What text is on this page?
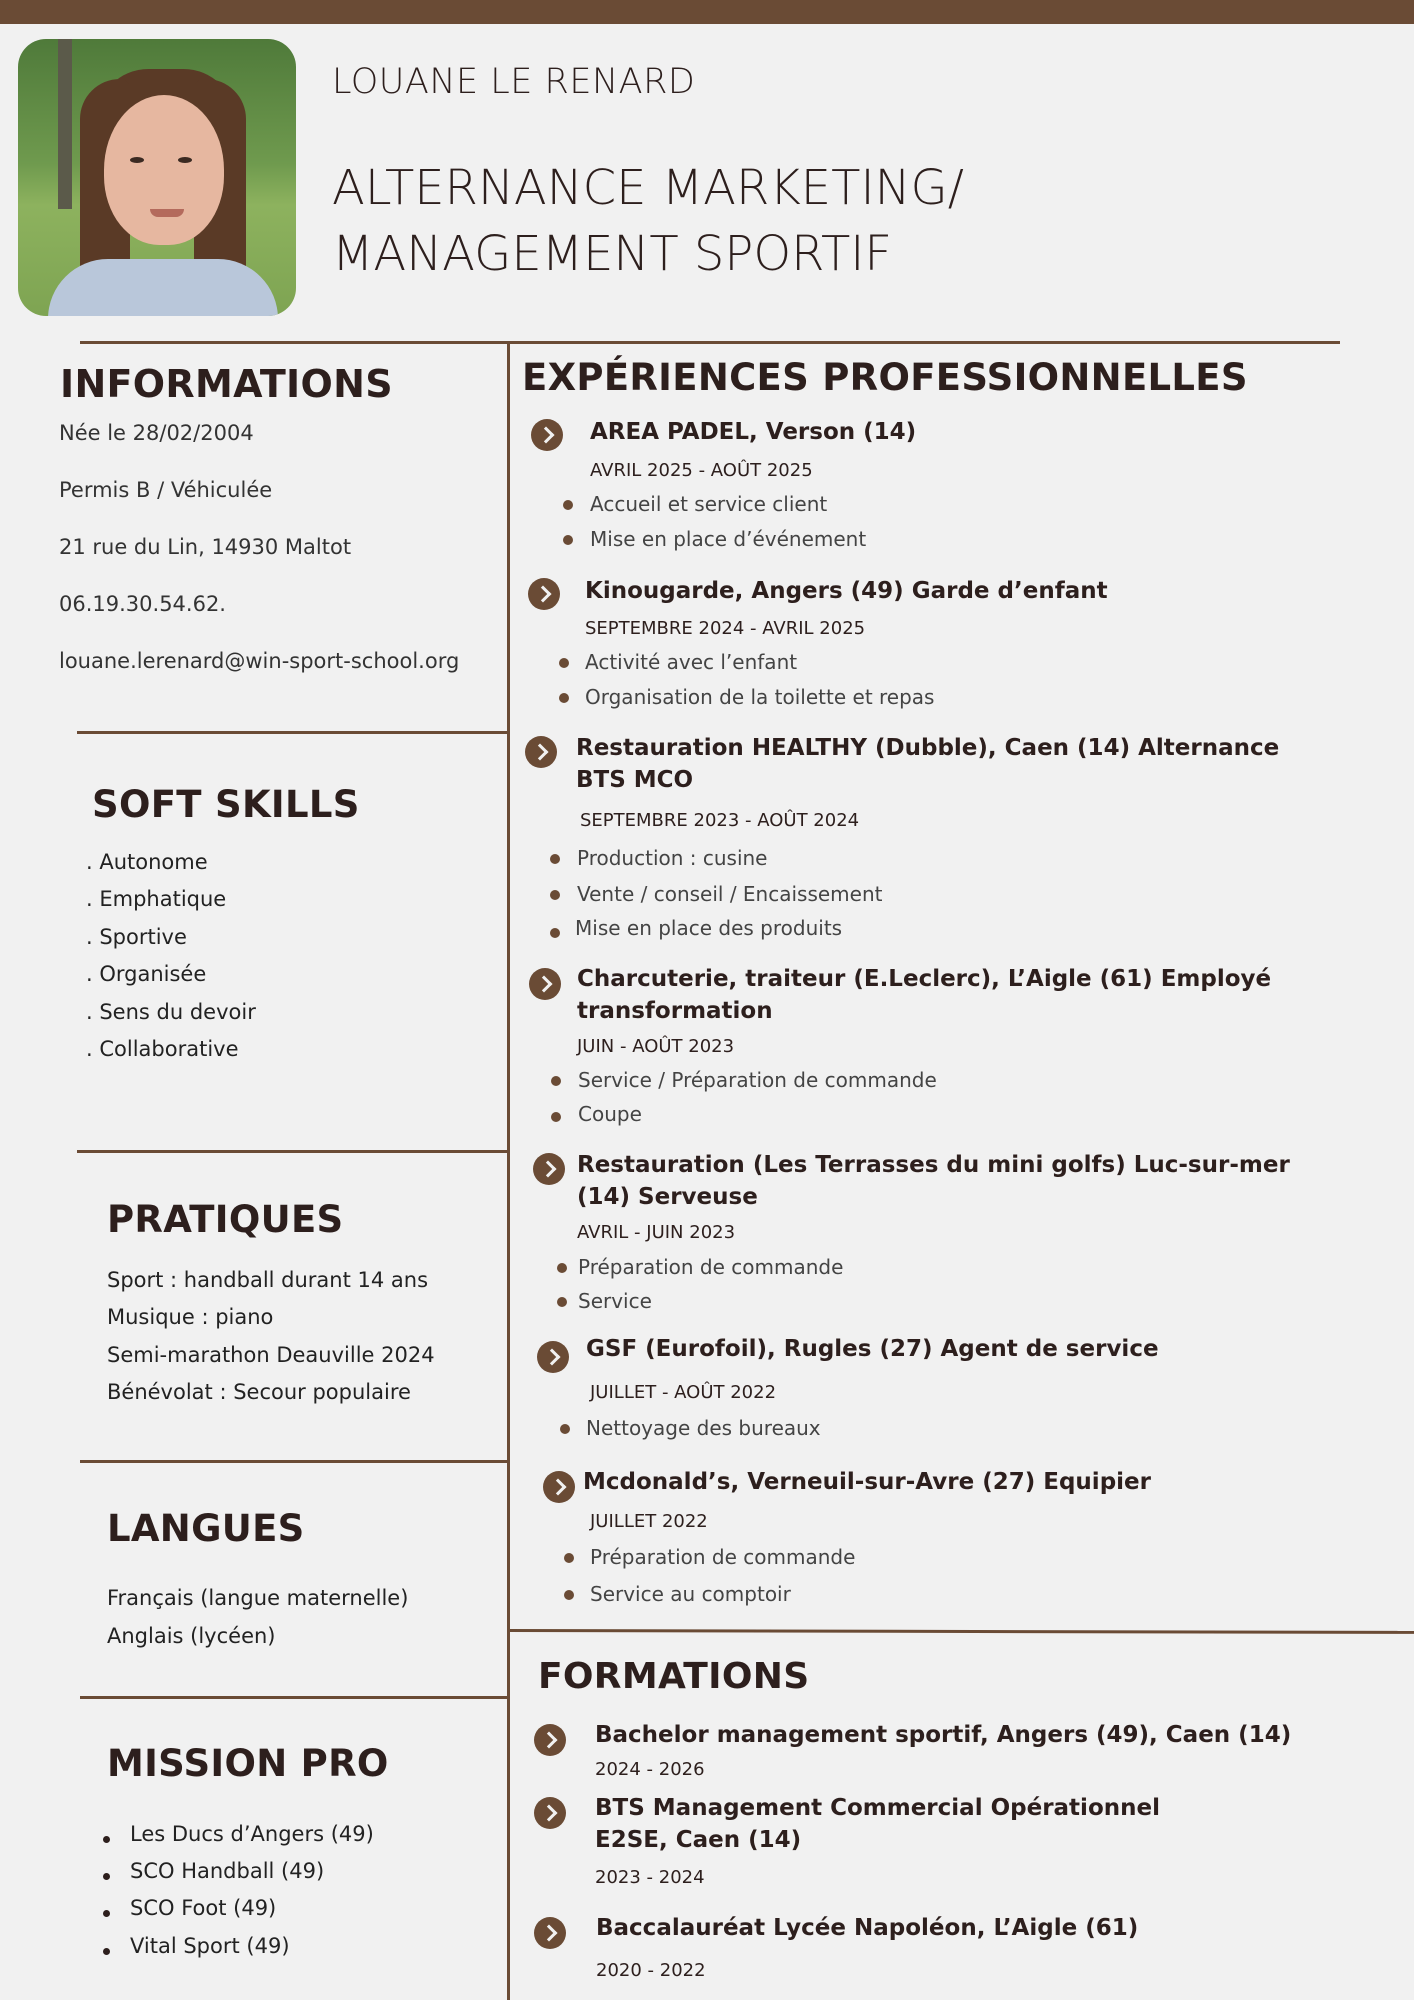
LOUANE LE RENARD
ALTERNANCE MARKETING/
MANAGEMENT SPORTIF
INFORMATIONS
Née le 28/02/2004
Permis B / Véhiculée
21 rue du Lin, 14930 Maltot
06.19.30.54.62.
louane.lerenard@win-sport-school.org
SOFT SKILLS
. Autonome
. Emphatique
. Sportive
. Organisée
. Sens du devoir
. Collaborative
PRATIQUES
Sport : handball durant 14 ans
Musique : piano
Semi-marathon Deauville 2024
Bénévolat : Secour populaire
LANGUES
Français (langue maternelle)
Anglais (lycéen)
MISSION PRO
Les Ducs d’Angers (49)
SCO Handball (49)
SCO Foot (49)
Vital Sport (49)
EXPÉRIENCES PROFESSIONNELLES
AREA PADEL, Verson (14)
AVRIL 2025 - AOÛT 2025
Accueil et service client
Mise en place d’événement
Kinougarde, Angers (49) Garde d’enfant
SEPTEMBRE 2024 - AVRIL 2025
Activité avec l’enfant
Organisation de la toilette et repas
Restauration HEALTHY (Dubble), Caen (14) Alternance BTS MCO
SEPTEMBRE 2023 - AOÛT 2024
Production : cusine
Vente / conseil / Encaissement
Mise en place des produits
Charcuterie, traiteur (E.Leclerc), L’Aigle (61) Employé transformation
JUIN - AOÛT 2023
Service / Préparation de commande
Coupe
Restauration (Les Terrasses du mini golfs) Luc-sur-mer (14) Serveuse
AVRIL - JUIN 2023
Préparation de commande
Service
GSF (Eurofoil), Rugles (27) Agent de service
JUILLET - AOÛT 2022
Nettoyage des bureaux
Mcdonald’s, Verneuil-sur-Avre (27) Equipier
JUILLET 2022
Préparation de commande
Service au comptoir
FORMATIONS
Bachelor management sportif, Angers (49), Caen (14)
2024 - 2026
BTS Management Commercial Opérationnel E2SE, Caen (14)
2023 - 2024
Baccalauréat Lycée Napoléon, L’Aigle (61)
2020 - 2022
